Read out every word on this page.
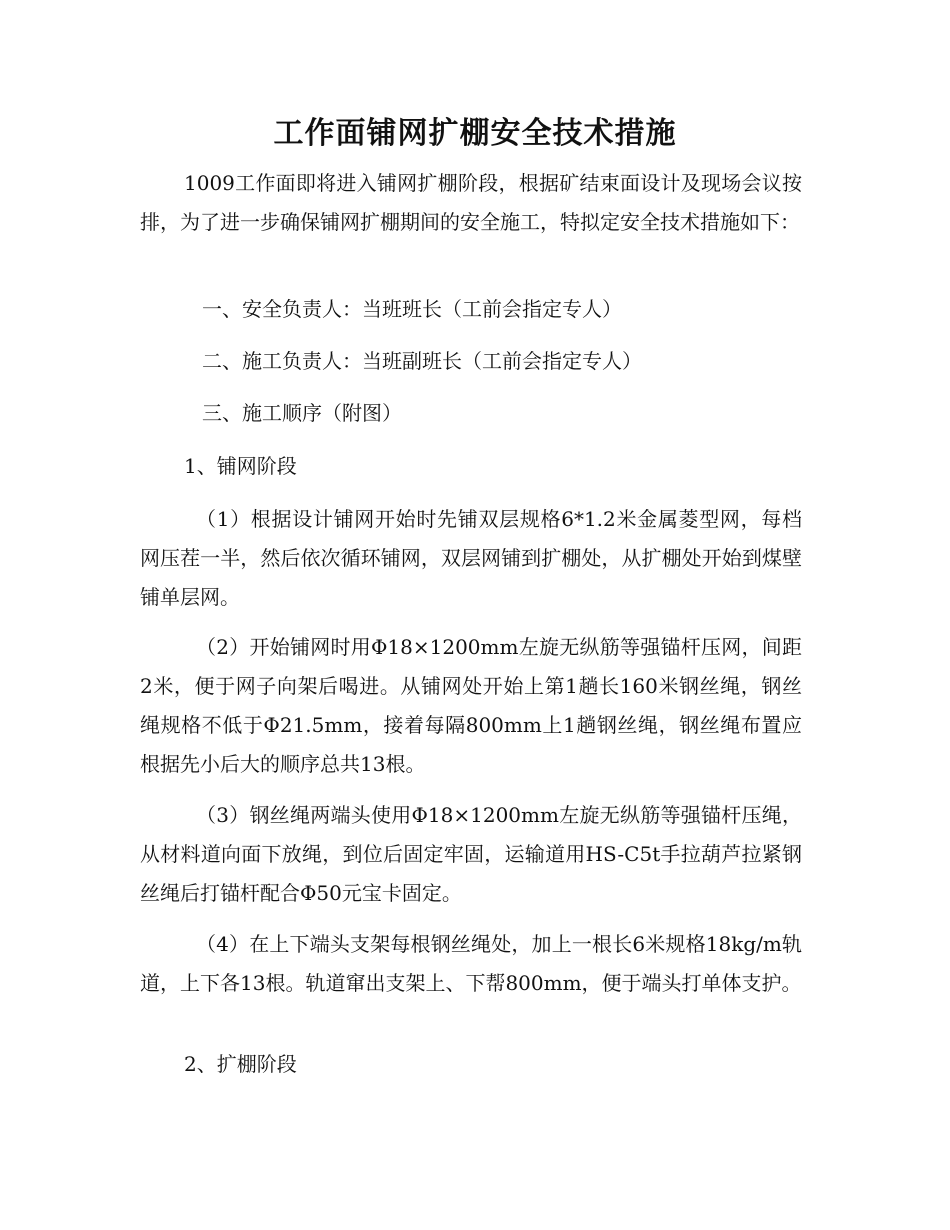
工作面铺网扩棚安全技术措施

1009工作面即将进入铺网扩棚阶段，根据矿结束面设计及现场会议按排，为了进一步确保铺网扩棚期间的安全施工，特拟定安全技术措施如下：

一、安全负责人：当班班长（工前会指定专人）

二、施工负责人：当班副班长（工前会指定专人）

三、施工顺序（附图）

1、铺网阶段

（1）根据设计铺网开始时先铺双层规格6*1.2米金属菱型网，每档网压茬一半，然后依次循环铺网，双层网铺到扩棚处，从扩棚处开始到煤壁铺单层网。

（2）开始铺网时用Φ18×1200mm左旋无纵筋等强锚杆压网，间距2米，便于网子向架后喝进。从铺网处开始上第1趟长160米钢丝绳，钢丝绳规格不低于Φ21.5mm，接着每隔800mm上1趟钢丝绳，钢丝绳布置应根据先小后大的顺序总共13根。

（3）钢丝绳两端头使用Φ18×1200mm左旋无纵筋等强锚杆压绳，从材料道向面下放绳，到位后固定牢固，运输道用HS-C5t手拉葫芦拉紧钢丝绳后打锚杆配合Φ50元宝卡固定。

（4）在上下端头支架每根钢丝绳处，加上一根长6米规格18kg/m轨道，上下各13根。轨道窜出支架上、下帮800mm，便于端头打单体支护。

2、扩棚阶段
